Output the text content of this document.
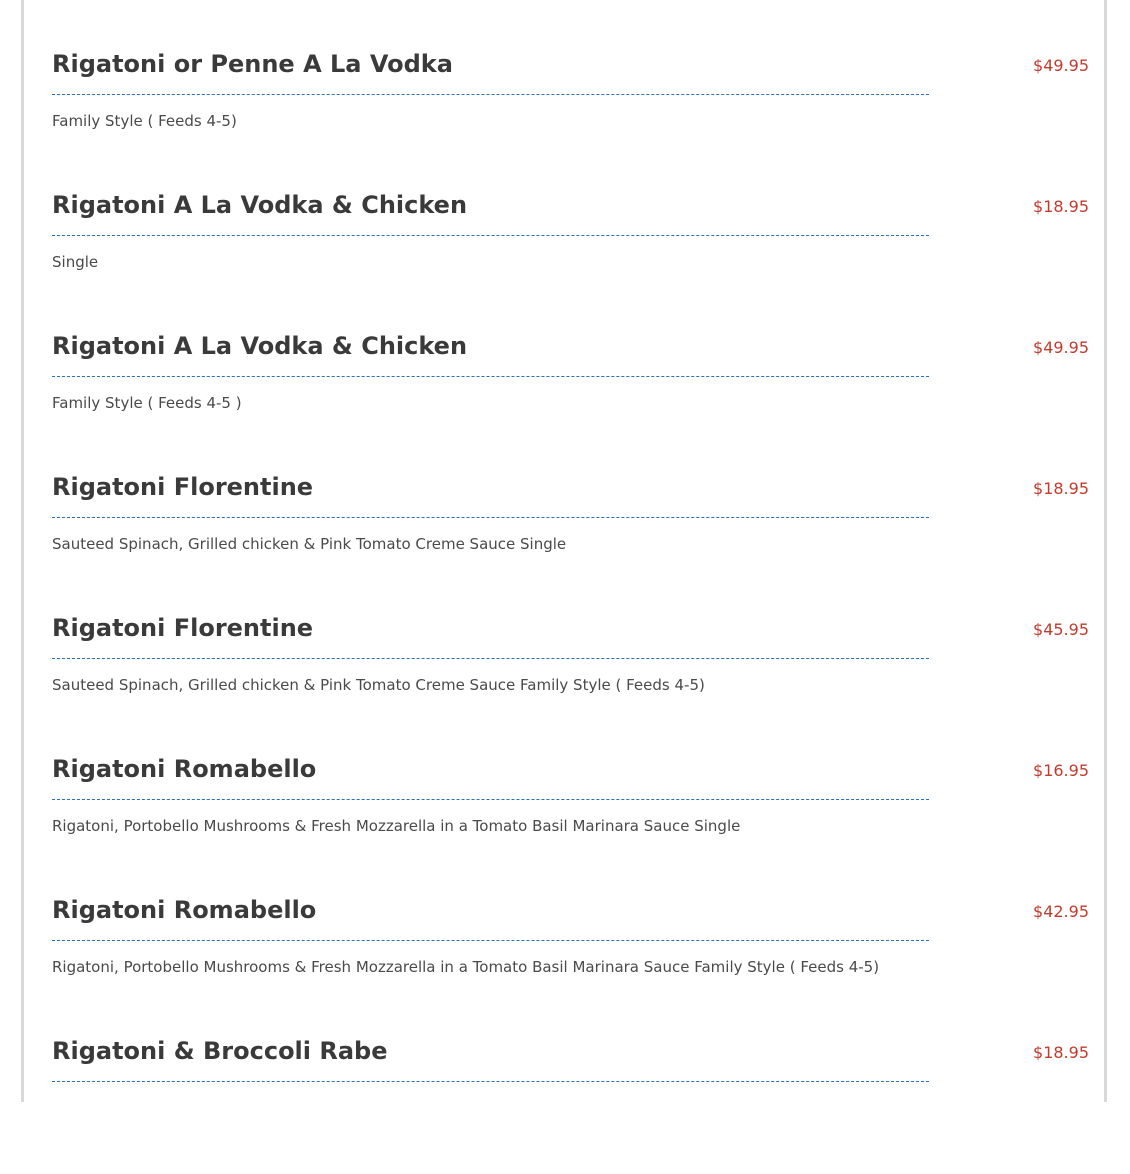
Rigatoni or Penne A La Vodka	$49.95
Family Style ( Feeds 4-5)
Rigatoni A La Vodka & Chicken	$18.95
Single
Rigatoni A La Vodka & Chicken	$49.95
Family Style ( Feeds 4-5 )
Rigatoni Florentine	$18.95
Sauteed Spinach, Grilled chicken & Pink Tomato Creme Sauce Single
Rigatoni Florentine	$45.95
Sauteed Spinach, Grilled chicken & Pink Tomato Creme Sauce Family Style ( Feeds 4-5)
Rigatoni Romabello	$16.95
Rigatoni, Portobello Mushrooms & Fresh Mozzarella in a Tomato Basil Marinara Sauce Single
Rigatoni Romabello	$42.95
Rigatoni, Portobello Mushrooms & Fresh Mozzarella in a Tomato Basil Marinara Sauce Family Style ( Feeds 4-5)
Rigatoni & Broccoli Rabe	$18.95
